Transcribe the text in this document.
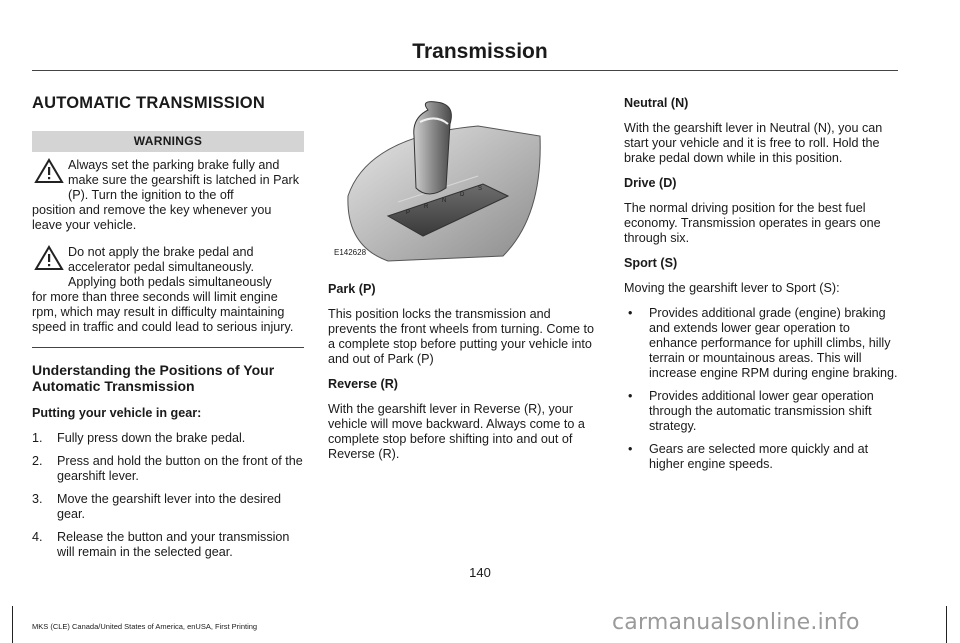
Transmission
AUTOMATIC TRANSMISSION
WARNINGS

Always set the parking brake fully and make sure the gearshift is latched in Park (P). Turn the ignition to the off

position and remove the key whenever you leave your vehicle.

Do not apply the brake pedal and accelerator pedal simultaneously. Applying both pedals simultaneously

for more than three seconds will limit engine rpm, which may result in difficulty maintaining speed in traffic and could lead to serious injury.

Understanding the Positions of Your Automatic Transmission
Putting your vehicle in gear:
1. Fully press down the brake pedal.
2. Press and hold the button on the front of the gearshift lever.
3. Move the gearshift lever into the desired gear.
4. Release the button and your transmission will remain in the selected gear.
P
R
N
D
S
E142628
Park (P)

This position locks the transmission and prevents the front wheels from turning. Come to a complete stop before putting your vehicle into and out of Park (P)

Reverse (R)

With the gearshift lever in Reverse (R), your vehicle will move backward. Always come to a complete stop before shifting into and out of Reverse (R).

Neutral (N)

With the gearshift lever in Neutral (N), you can start your vehicle and it is free to roll. Hold the brake pedal down while in this position.

Drive (D)

The normal driving position for the best fuel economy. Transmission operates in gears one through six.

Sport (S)

Moving the gearshift lever to Sport (S):

• Provides additional grade (engine) braking and extends lower gear operation to enhance performance for uphill climbs, hilly terrain or mountainous areas. This will increase engine RPM during engine braking.
• Provides additional lower gear operation through the automatic transmission shift strategy.
• Gears are selected more quickly and at higher engine speeds.
140
MKS (CLE) Canada/United States of America, enUSA, First Printing	carmanualsonline.info
